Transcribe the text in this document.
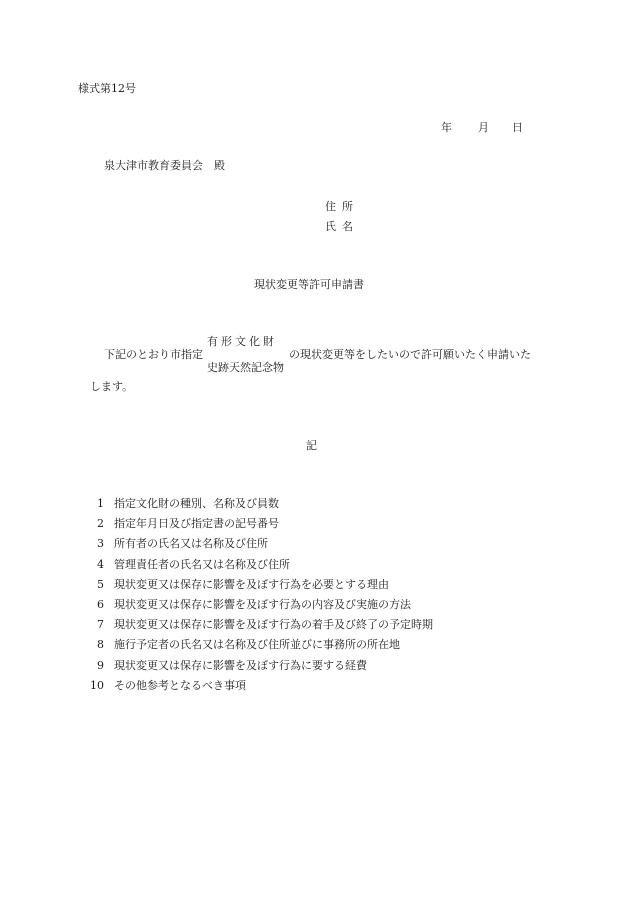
様式第12号
年 月 日
泉大津市教育委員会　殿
住所
氏名
現状変更等許可申請書
下記のとおり市指定
有形文化財
史跡天然記念物
の現状変更等をしたいので許可願いたく申請いた
します。
記
1 指定文化財の種別、名称及び員数
2 指定年月日及び指定書の記号番号
3 所有者の氏名又は名称及び住所
4 管理責任者の氏名又は名称及び住所
5 現状変更又は保存に影響を及ぼす行為を必要とする理由
6 現状変更又は保存に影響を及ぼす行為の内容及び実施の方法
7 現状変更又は保存に影響を及ぼす行為の着手及び終了の予定時期
8 施行予定者の氏名又は名称及び住所並びに事務所の所在地
9 現状変更又は保存に影響を及ぼす行為に要する経費
10 その他参考となるべき事項
